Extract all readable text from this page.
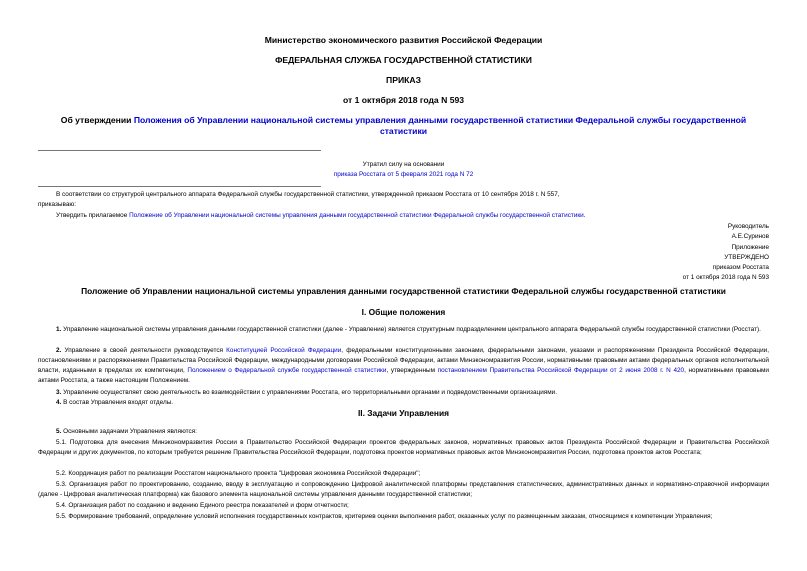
Министерство экономического развития Российской Федерации
ФЕДЕРАЛЬНАЯ СЛУЖБА ГОСУДАРСТВЕННОЙ СТАТИСТИКИ
ПРИКАЗ
от 1 октября 2018 года N 593
Об утверждении Положения об Управлении национальной системы управления данными государственной статистики Федеральной службы государственной статистики
Утратил силу на основании
приказа Росстата от 5 февраля 2021 года N 72
В соответствии со структурой центрального аппарата Федеральной службы государственной статистики, утвержденной приказом Росстата от 10 сентября 2018 г. N 557,
приказываю:
Утвердить прилагаемое Положение об Управлении национальной системы управления данными государственной статистики Федеральной службы государственной статистики.
Руководитель
А.Е.Суринов
Приложение
УТВЕРЖДЕНО
приказом Росстата
от 1 октября 2018 года N 593
Положение об Управлении национальной системы управления данными государственной статистики Федеральной службы государственной статистики
I. Общие положения
1. Управление национальной системы управления данными государственной статистики (далее - Управление) является структурным подразделением центрального аппарата Федеральной службы государственной статистики (Росстат).
2. Управление в своей деятельности руководствуется Конституцией Российской Федерации, федеральными конституционными законами, федеральными законами, указами и распоряжениями Президента Российской Федерации, постановлениями и распоряжениями Правительства Российской Федерации, международными договорами Российской Федерации, актами Минэкономразвития России, нормативными правовыми актами федеральных органов исполнительной власти, изданными в пределах их компетенции, Положением о Федеральной службе государственной статистики, утвержденным постановлением Правительства Российской Федерации от 2 июня 2008 г. N 420, нормативными правовыми актами Росстата, а также настоящим Положением.
3. Управление осуществляет свою деятельность во взаимодействии с управлениями Росстата, его территориальными органами и подведомственными организациями.
4. В состав Управления входят отделы.
II. Задачи Управления
5. Основными задачами Управления являются:
5.1. Подготовка для внесения Минэкономразвития России в Правительство Российской Федерации проектов федеральных законов, нормативных правовых актов Президента Российской Федерации и Правительства Российской Федерации и других документов, по которым требуется решение Правительства Российской Федерации, подготовка проектов нормативных правовых актов Минэкономразвития России, подготовка проектов актов Росстата;
5.2. Координация работ по реализации Росстатом национального проекта "Цифровая экономика Российской Федерации";
5.3. Организация работ по проектированию, созданию, вводу в эксплуатацию и сопровождению Цифровой аналитической платформы представления статистических, административных данных и нормативно-справочной информации (далее - Цифровая аналитическая платформа) как базового элемента национальной системы управления данными государственной статистики;
5.4. Организация работ по созданию и ведению Единого реестра показателей и форм отчетности;
5.5. Формирование требований, определение условий исполнения государственных контрактов, критериев оценки выполнения работ, оказанных услуг по размещенным заказам, относящимся к компетенции Управления;
